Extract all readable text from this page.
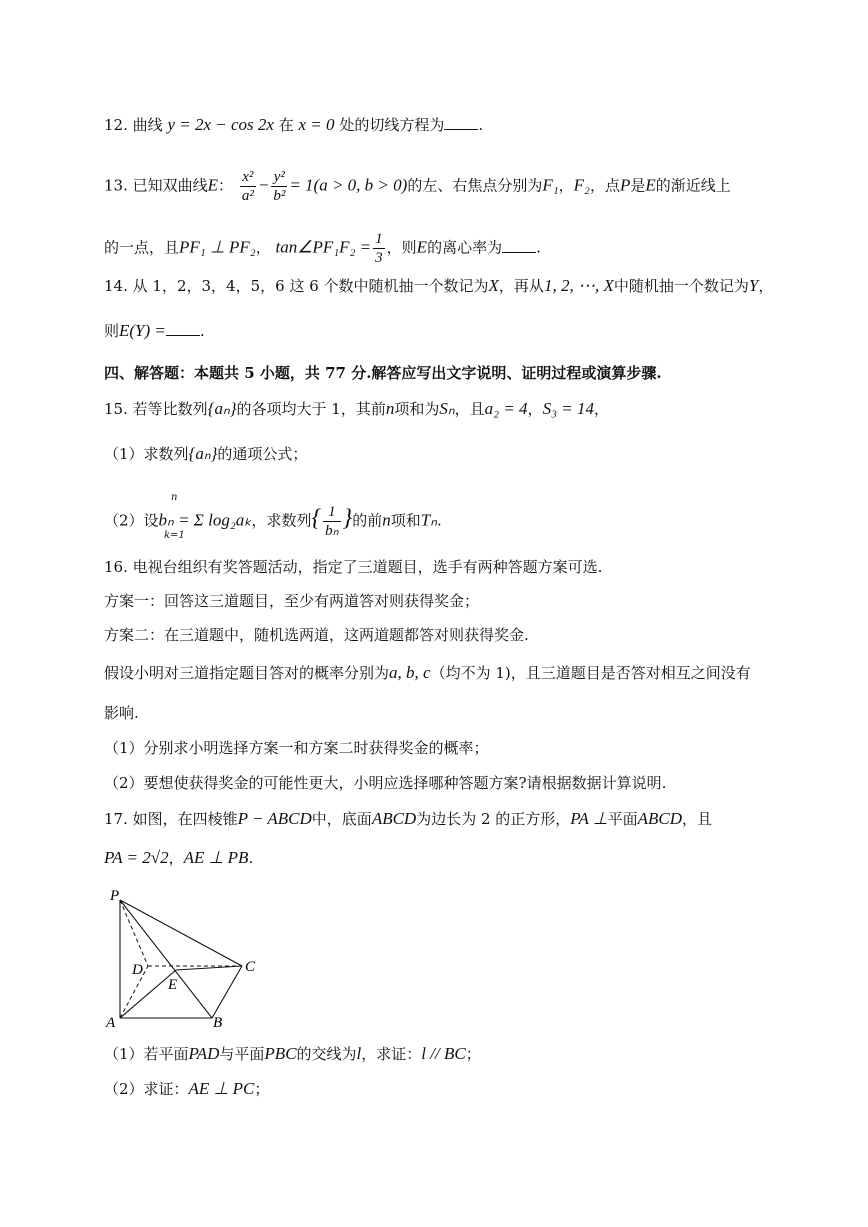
12. 曲线 y = 2x − cos 2x 在 x = 0 处的切线方程为 .
13. 已知双曲线E： $\frac{\text{x²}}{\text{a²}} - \frac{\text{y²}}{\text{b²}} = 1(a > 0$, b > 0)的左、右焦点分别为F₁，F₂，点P是E的渐近线上
的一点，且PF₁ ⊥ PF₂， tan∠PF₁F₂ = $\frac{1}{3}$ ，则E的离心率为 .
14. 从 1，2，3，4，5，6 这 6 个数中随机抽一个数记为X，再从1, 2, ⋯, X中随机抽一个数记为Y，
则E(Y) = .
四、解答题：本题共 5 小题，共 77 分.解答应写出文字说明、证明过程或演算步骤.
15. 若等比数列{aₙ}的各项均大于 1，其前n项和为Sₙ，且a₂ = 4，S₃ = 14，
（1）求数列{aₙ}的通项公式；
（2）设bₙ = Σ log₂aₖ
n
k=1
，求数列{ $\frac{1}{\text{bₙ}}$ }的前n项和Tₙ.
16. 电视台组织有奖答题活动，指定了三道题目，选手有两种答题方案可选.
方案一：回答这三道题目，至少有两道答对则获得奖金；
方案二：在三道题中，随机选两道，这两道题都答对则获得奖金.
假设小明对三道指定题目答对的概率分别为a, b, c（均不为 1)，且三道题目是否答对相互之间没有
影响.
（1）分别求小明选择方案一和方案二时获得奖金的概率；
（2）要想使获得奖金的可能性更大，小明应选择哪种答题方案?请根据数据计算说明.
17. 如图，在四棱锥P − ABCD中，底面ABCD为边长为 2 的正方形，PA ⊥平面ABCD，且
PA = 2√2，AE ⊥ PB.
P
D	C
E
A	B
（1）若平面PAD与平面PBC的交线为l，求证：l // BC；
（2）求证：AE ⊥ PC；
